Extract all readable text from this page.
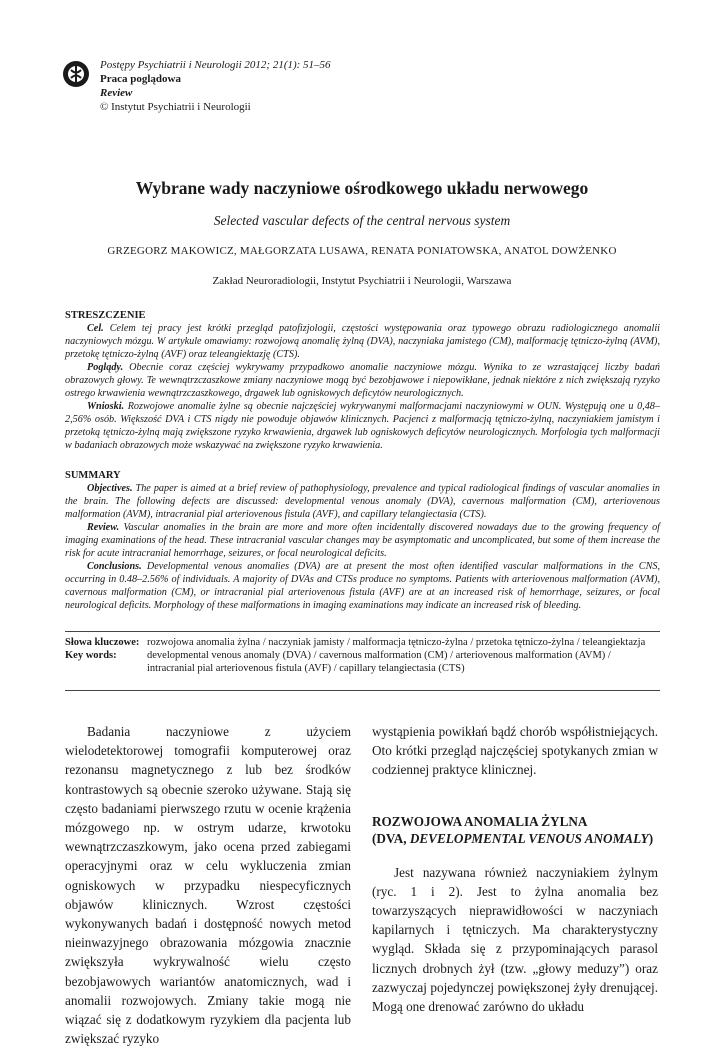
Postępy Psychiatrii i Neurologii 2012; 21(1): 51–56
Praca poglądowa
Review
© Instytut Psychiatrii i Neurologii
Wybrane wady naczyniowe ośrodkowego układu nerwowego
Selected vascular defects of the central nervous system
GRZEGORZ MAKOWICZ, MAŁGORZATA LUSAWA, RENATA PONIATOWSKA, ANATOL DOWŻENKO
Zakład Neuroradiologii, Instytut Psychiatrii i Neurologii, Warszawa
STRESZCZENIE

Cel. Celem tej pracy jest krótki przegląd patofizjologii, częstości występowania oraz typowego obrazu radiologicznego anomalii naczyniowych mózgu. W artykule omawiamy: rozwojową anomalię żylną (DVA), naczyniaka jamistego (CM), malformację tętniczo-żylną (AVM), przetokę tętniczo-żylną (AVF) oraz teleangiektazję (CTS).

Poglądy. Obecnie coraz częściej wykrywamy przypadkowo anomalie naczyniowe mózgu. Wynika to ze wzrastającej liczby badań obrazowych głowy. Te wewnątrzczaszkowe zmiany naczyniowe mogą być bezobjawowe i niepowikłane, jednak niektóre z nich zwiększają ryzyko ostrego krwawienia wewnątrzczaszkowego, drgawek lub ogniskowych deficytów neurologicznych.

Wnioski. Rozwojowe anomalie żylne są obecnie najczęściej wykrywanymi malformacjami naczyniowymi w OUN. Występują one u 0,48–2,56% osób. Większość DVA i CTS nigdy nie powoduje objawów klinicznych. Pacjenci z malformacją tętniczo-żylną, naczyniakiem jamistym i przetoką tętniczo-żylną mają zwiększone ryzyko krwawienia, drgawek lub ogniskowych deficytów neurologicznych. Morfologia tych malformacji w badaniach obrazowych może wskazywać na zwiększone ryzyko krwawienia.

SUMMARY

Objectives. The paper is aimed at a brief review of pathophysiology, prevalence and typical radiological findings of vascular anomalies in the brain. The following defects are discussed: developmental venous anomaly (DVA), cavernous malformation (CM), arteriovenous malformation (AVM), intracranial pial arteriovenous fistula (AVF), and capillary telangiectasia (CTS).

Review. Vascular anomalies in the brain are more and more often incidentally discovered nowadays due to the growing frequency of imaging examinations of the head. These intracranial vascular changes may be asymptomatic and uncomplicated, but some of them increase the risk for acute intracranial hemorrhage, seizures, or focal neurological deficits.

Conclusions. Developmental venous anomalies (DVA) are at present the most often identified vascular malformations in the CNS, occurring in 0.48–2.56% of individuals. A majority of DVAs and CTSs produce no symptoms. Patients with arteriovenous malformation (AVM), cavernous malformation (CM), or intracranial pial arteriovenous fistula (AVF) are at an increased risk of hemorrhage, seizures, or focal neurological deficits. Morphology of these malformations in imaging examinations may indicate an increased risk of bleeding.

Słowa kluczowe: rozwojowa anomalia żylna / naczyniak jamisty / malformacja tętniczo-żylna / przetoka tętniczo-żylna / teleangiektazja
Key words:	developmental venous anomaly (DVA) / cavernous malformation (CM) / arteriovenous malformation (AVM) / intracranial pial arteriovenous fistula (AVF) / capillary telangiectasia (CTS)

Badania naczyniowe z użyciem wielodetektorowej tomografii komputerowej oraz rezonansu magnetycznego z lub bez środków kontrastowych są obecnie szeroko używane. Stają się często badaniami pierwszego rzutu w ocenie krążenia mózgowego np. w ostrym udarze, krwotoku wewnątrzczaszkowym, jako ocena przed zabiegami operacyjnymi oraz w celu wykluczenia zmian ogniskowych w przypadku niespecyficznych objawów klinicznych. Wzrost częstości wykonywanych badań i dostępność nowych metod nieinwazyjnego obrazowania mózgowia znacznie zwiększyła wykrywalność wielu często bezobjawowych wariantów anatomicznych, wad i anomalii rozwojowych. Zmiany takie mogą nie wiązać się z dodatkowym ryzykiem dla pacjenta lub zwiększać ryzyko

wystąpienia powikłań bądź chorób współistniejących. Oto krótki przegląd najczęściej spotykanych zmian w codziennej praktyce klinicznej.

ROZWOJOWA ANOMALIA ŻYLNA
(DVA, DEVELOPMENTAL VENOUS ANOMALY)

Jest nazywana również naczyniakiem żylnym (ryc. 1 i 2). Jest to żylna anomalia bez towarzyszących nieprawidłowości w naczyniach kapilarnych i tętniczych. Ma charakterystyczny wygląd. Składa się z przypominających parasol licznych drobnych żył (tzw. „głowy meduzy”) oraz zazwyczaj pojedynczej powiększonej żyły drenującej. Mogą one drenować zarówno do układu
